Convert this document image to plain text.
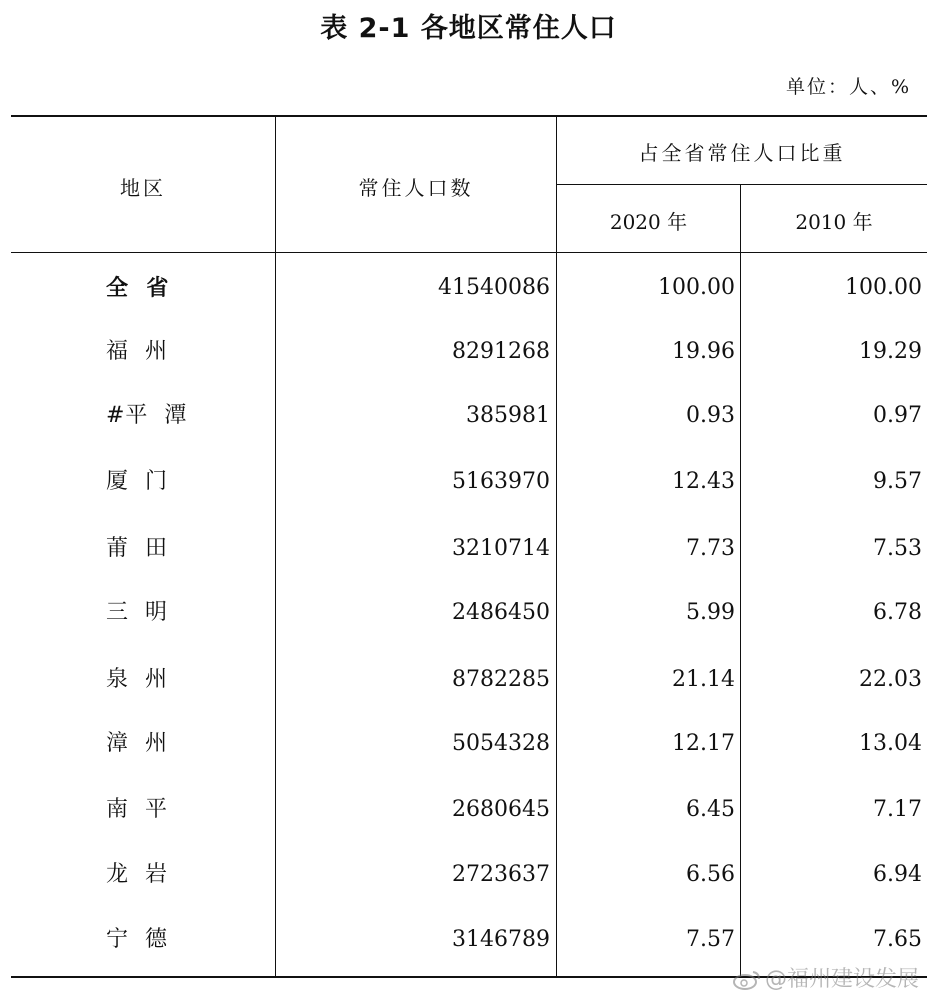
表 2-1 各地区常住人口
单位：人、%
地区	常住人口数
占全省常住人口比重
2020 年	2010 年
全  省	41540086	100.00	100.00
福  州	8291268	19.96	19.29
#平  潭	385981	0.93	0.97
厦  门	5163970	12.43	9.57
莆  田	3210714	7.73	7.53
三  明	2486450	5.99	6.78
泉  州	8782285	21.14	22.03
漳  州	5054328	12.17	13.04
南  平	2680645	6.45	7.17
龙  岩	2723637	6.56	6.94
宁  德	3146789	7.57	7.65
@福州建设发展
